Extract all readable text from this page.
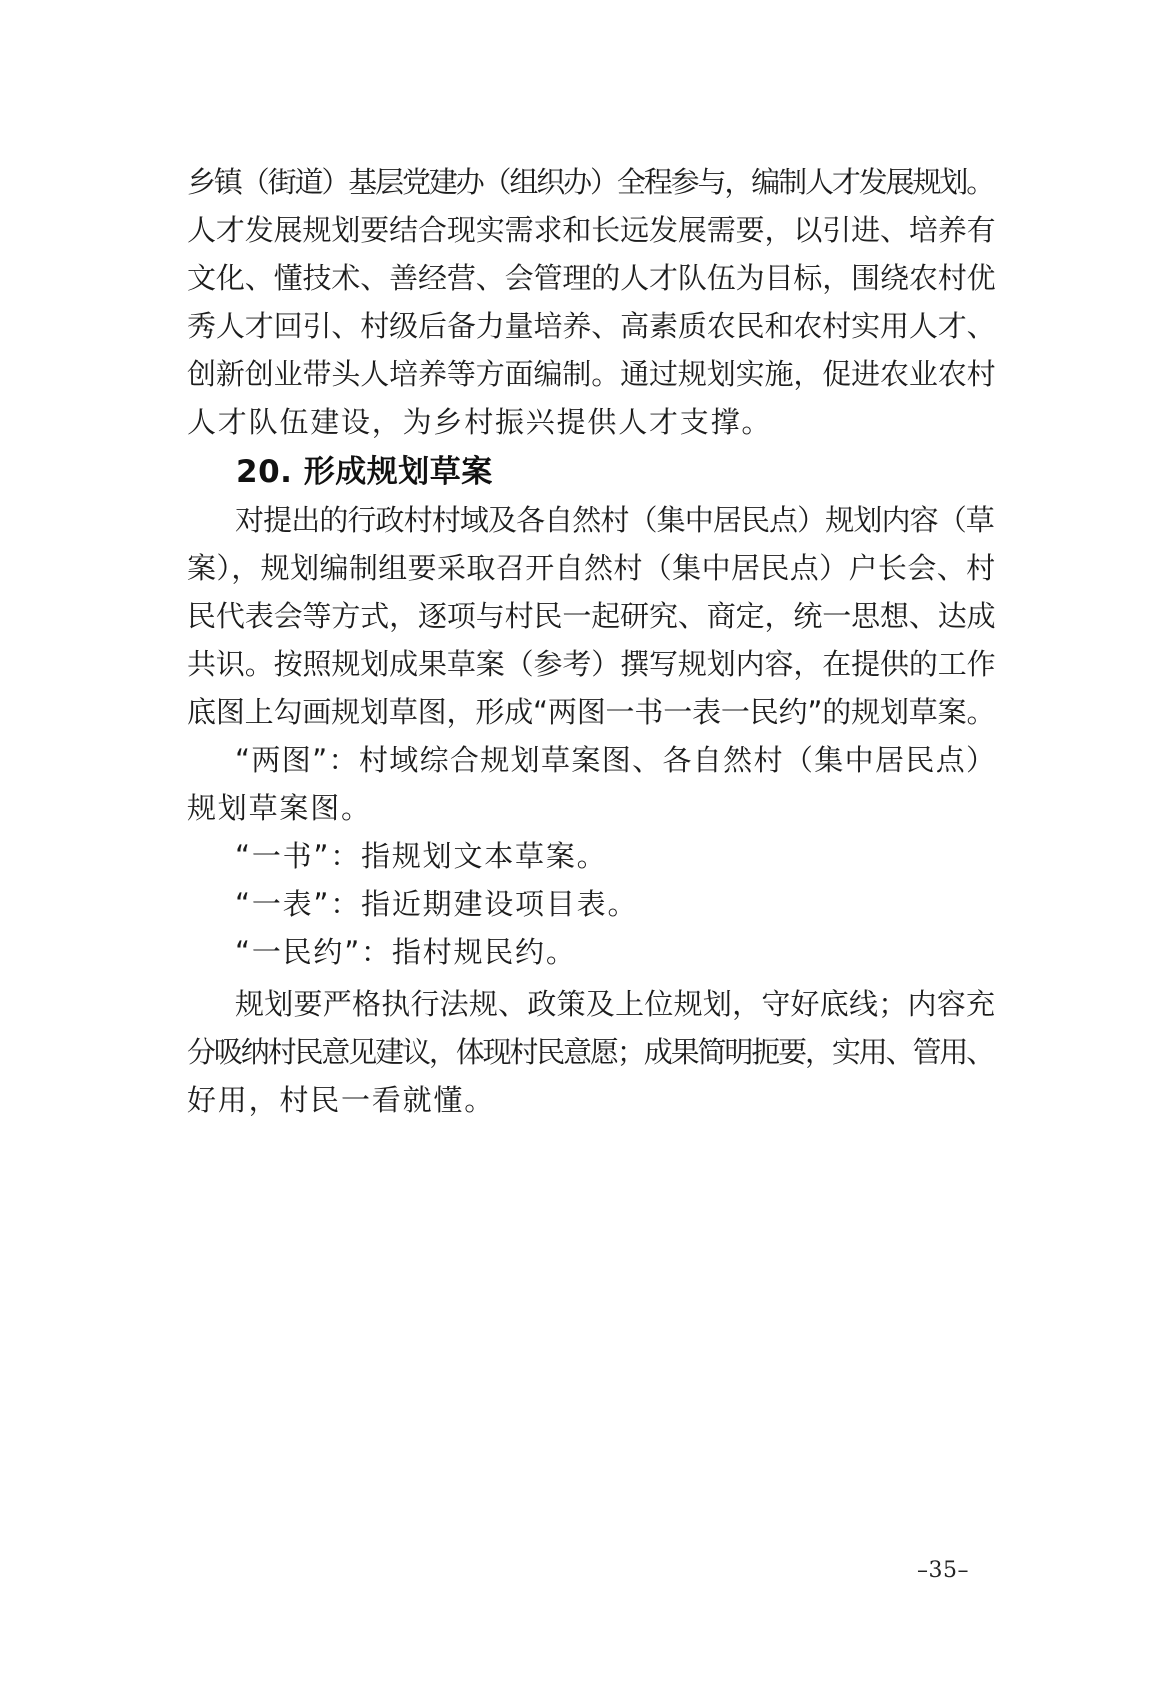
乡镇（街道）基层党建办（组织办）全程参与，编制人才发展规划。
人才发展规划要结合现实需求和长远发展需要，以引进、培养有
文化、懂技术、善经营、会管理的人才队伍为目标，围绕农村优
秀人才回引、村级后备力量培养、高素质农民和农村实用人才、
创新创业带头人培养等方面编制。通过规划实施，促进农业农村
人才队伍建设，为乡村振兴提供人才支撑。
20. 形成规划草案
对提出的行政村村域及各自然村（集中居民点）规划内容（草
案），规划编制组要采取召开自然村（集中居民点）户长会、村
民代表会等方式，逐项与村民一起研究、商定，统一思想、达成
共识。按照规划成果草案（参考）撰写规划内容，在提供的工作
底图上勾画规划草图，形成“两图一书一表一民约”的规划草案。
“两图”：村域综合规划草案图、各自然村（集中居民点）
规划草案图。
“一书”：指规划文本草案。
“一表”：指近期建设项目表。
“一民约”：指村规民约。
规划要严格执行法规、政策及上位规划，守好底线；内容充
分吸纳村民意见建议，体现村民意愿；成果简明扼要，实用、管用、
好用，村民一看就懂。
–35–
